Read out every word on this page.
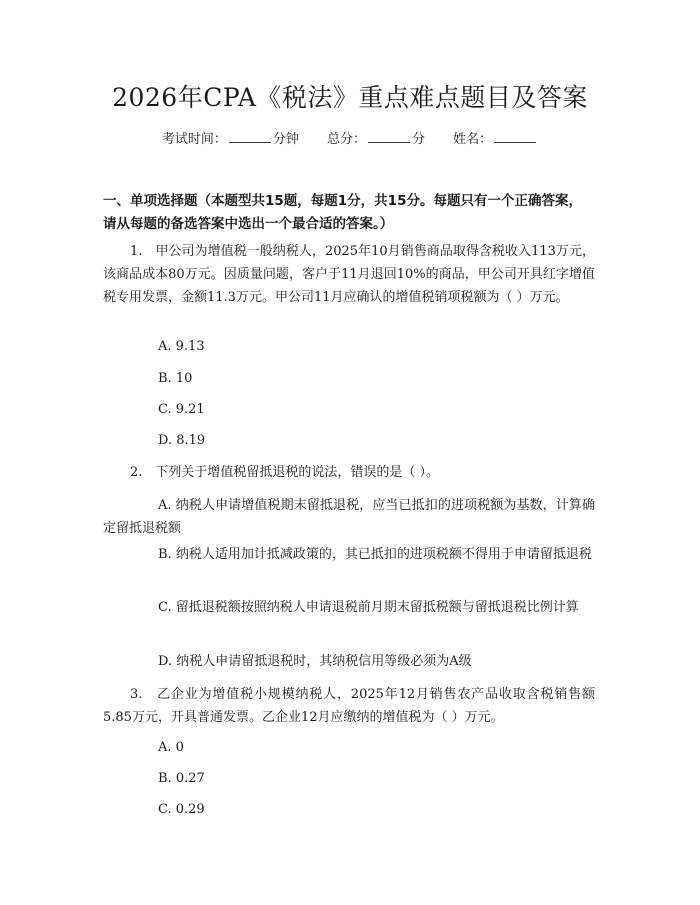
2026年CPA《税法》重点难点题目及答案
考试时间：	分钟 总分：	分 姓名：
一、单项选择题（本题型共15题，每题1分，共15分。每题只有一个正确答案，请从每题的备选答案中选出一个最合适的答案。）
1.　甲公司为增值税一般纳税人，2025年10月销售商品取得含税收入113万元，该商品成本80万元。因质量问题，客户于11月退回10%的商品，甲公司开具红字增值税专用发票，金额11.3万元。甲公司11月应确认的增值税销项税额为（ ）万元。
A. 9.13
B. 10
C. 9.21
D. 8.19
2.　下列关于增值税留抵退税的说法，错误的是（ ）。
A. 纳税人申请增值税期末留抵退税，应当已抵扣的进项税额为基数，计算确定留抵退税额
B. 纳税人适用加计抵减政策的，其已抵扣的进项税额不得用于申请留抵退税
C. 留抵退税额按照纳税人申请退税前月期末留抵税额与留抵退税比例计算
D. 纳税人申请留抵退税时，其纳税信用等级必须为A级
3.　乙企业为增值税小规模纳税人，2025年12月销售农产品收取含税销售额5.85万元，开具普通发票。乙企业12月应缴纳的增值税为（ ）万元。
A. 0
B. 0.27
C. 0.29
